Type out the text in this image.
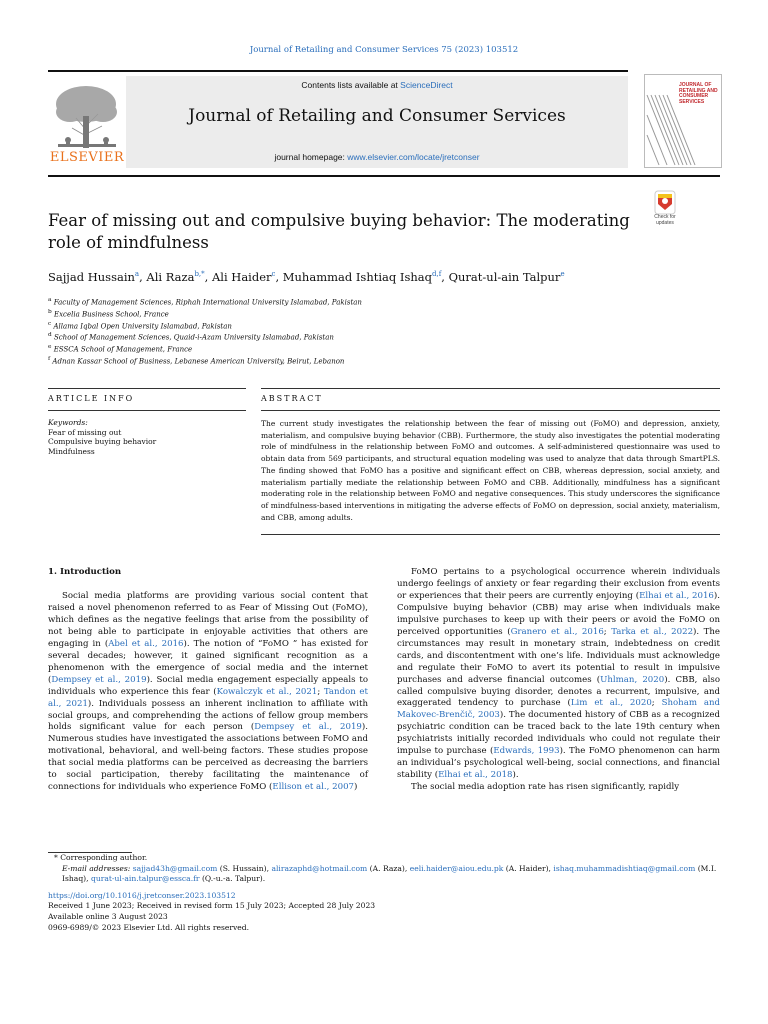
Journal of Retailing and Consumer Services 75 (2023) 103512
ELSEVIER
Contents lists available at ScienceDirect
Journal of Retailing and Consumer Services
journal homepage: www.elsevier.com/locate/jretconser
JOURNAL OF RETAILING AND CONSUMER SERVICES
Fear of missing out and compulsive buying behavior: The moderating role of mindfulness
Check for updates
Sajjad Hussain$^a$, Ali Raza$^{b,*}$, Ali Haider$^c$, Muhammad Ishtiaq Ishaq$^{d,f}$, Qurat-ul-ain Talpur$^e$
$^a$ Faculty of Management Sciences, Riphah International University Islamabad, Pakistan
$^b$ Excelia Business School, France
$^c$ Allama Iqbal Open University Islamabad, Pakistan
$^d$ School of Management Sciences, Quaid-i-Azam University Islamabad, Pakistan
$^e$ ESSCA School of Management, France
$^f$ Adnan Kassar School of Business, Lebanese American University, Beirut, Lebanon
ARTICLE INFO	ABSTRACT
Keywords:
Fear of missing out
Compulsive buying behavior
Mindfulness
The current study investigates the relationship between the fear of missing out (FoMO) and depression, anxiety, materialism, and compulsive buying behavior (CBB). Furthermore, the study also investigates the potential moderating role of mindfulness in the relationship between FoMO and outcomes. A self-administered questionnaire was used to obtain data from 569 participants, and structural equation modeling was used to analyze that data through SmartPLS. The finding showed that FoMO has a positive and significant effect on CBB, whereas depression, social anxiety, and materialism partially mediate the relationship between FoMO and CBB. Additionally, mindfulness has a significant moderating role in the relationship between FoMO and negative consequences. This study underscores the significance of mindfulness-based interventions in mitigating the adverse effects of FoMO on depression, social anxiety, materialism, and CBB, among adults.
1. Introduction

Social media platforms are providing various social content that raised a novel phenomenon referred to as Fear of Missing Out (FoMO), which defines as the negative feelings that arise from the possibility of not being able to participate in enjoyable activities that others are engaging in (Abel et al., 2016). The notion of “FoMO ” has existed for several decades; however, it gained significant recognition as a phenomenon with the emergence of social media and the internet (Dempsey et al., 2019). Social media engagement especially appeals to individuals who experience this fear (Kowalczyk et al., 2021; Tandon et al., 2021). Individuals possess an inherent inclination to affiliate with social groups, and comprehending the actions of fellow group members holds significant value for each person (Dempsey et al., 2019). Numerous studies have investigated the associations between FoMO and motivational, behavioral, and well-being factors. These studies propose that social media platforms can be perceived as decreasing the barriers to social participation, thereby facilitating the maintenance of connections for individuals who experience FoMO (Ellison et al., 2007)

FoMO pertains to a psychological occurrence wherein individuals undergo feelings of anxiety or fear regarding their exclusion from events or experiences that their peers are currently enjoying (Elhai et al., 2016). Compulsive buying behavior (CBB) may arise when individuals make impulsive purchases to keep up with their peers or avoid the FoMO on perceived opportunities (Granero et al., 2016; Tarka et al., 2022). The circumstances may result in monetary strain, indebtedness on credit cards, and discontentment with one’s life. Individuals must acknowledge and regulate their FoMO to avert its potential to result in impulsive purchases and adverse financial outcomes (Uhlman, 2020). CBB, also called compulsive buying disorder, denotes a recurrent, impulsive, and exaggerated tendency to purchase (Lim et al., 2020; Shoham and Makovec-Brenčič, 2003). The documented history of CBB as a recognized psychiatric condition can be traced back to the late 19th century when psychiatrists initially recorded individuals who could not regulate their impulse to purchase (Edwards, 1993). The FoMO phenomenon can harm an individual’s psychological well-being, social connections, and financial stability (Elhai et al., 2018).

The social media adoption rate has risen significantly, rapidly

* Corresponding author.
E-mail addresses: sajjad43h@gmail.com (S. Hussain), alirazaphd@hotmail.com (A. Raza), eeli.haider@aiou.edu.pk (A. Haider), ishaq.muhammadishtiaq@gmail.com (M.I. Ishaq), qurat-ul-ain.talpur@essca.fr (Q.-u.-a. Talpur).
https://doi.org/10.1016/j.jretconser.2023.103512
Received 1 June 2023; Received in revised form 15 July 2023; Accepted 28 July 2023
Available online 3 August 2023
0969-6989/© 2023 Elsevier Ltd. All rights reserved.
